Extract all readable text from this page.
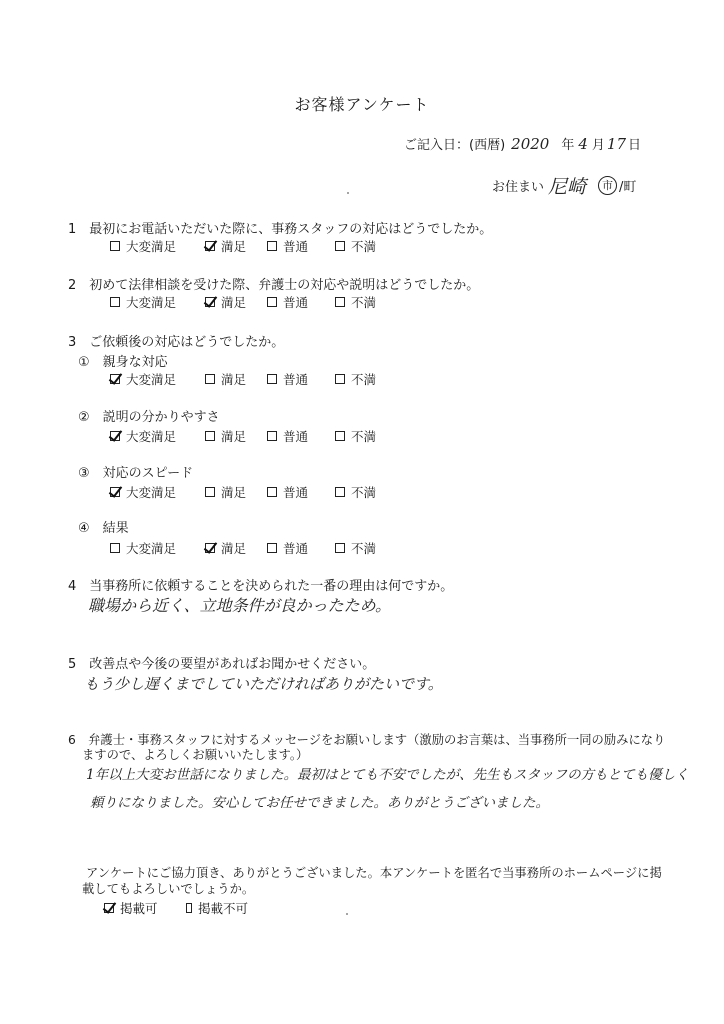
お客様アンケート
ご記入日：(西暦) 2020 年 4 月 17 日
お住まい 尼崎	市 /町
1　最初にお電話いただいた際に、事務スタッフの対応はどうでしたか。
大変満足	満足	普通	不満
2　初めて法律相談を受けた際、弁護士の対応や説明はどうでしたか。
大変満足	満足	普通	不満
3　ご依頼後の対応はどうでしたか。
①　親身な対応
大変満足	満足	普通	不満
②　説明の分かりやすさ
大変満足	満足	普通	不満
③　対応のスピード
大変満足	満足	普通	不満
④　結果
大変満足	満足	普通	不満
4　当事務所に依頼することを決められた一番の理由は何ですか。
職場から近く、立地条件が良かったため。
5　改善点や今後の要望があればお聞かせください。
もう少し遅くまでしていただければありがたいです。
6　弁護士・事務スタッフに対するメッセージをお願いします（激励のお言葉は、当事務所一同の励みになり
ますので、よろしくお願いいたします。）
1年以上大変お世話になりました。最初はとても不安でしたが、先生もスタッフの方もとても優しく
頼りになりました。安心してお任せできました。ありがとうございました。
アンケートにご協力頂き、ありがとうございました。本アンケートを匿名で当事務所のホームページに掲
載してもよろしいでしょうか。
掲載可	掲載不可
